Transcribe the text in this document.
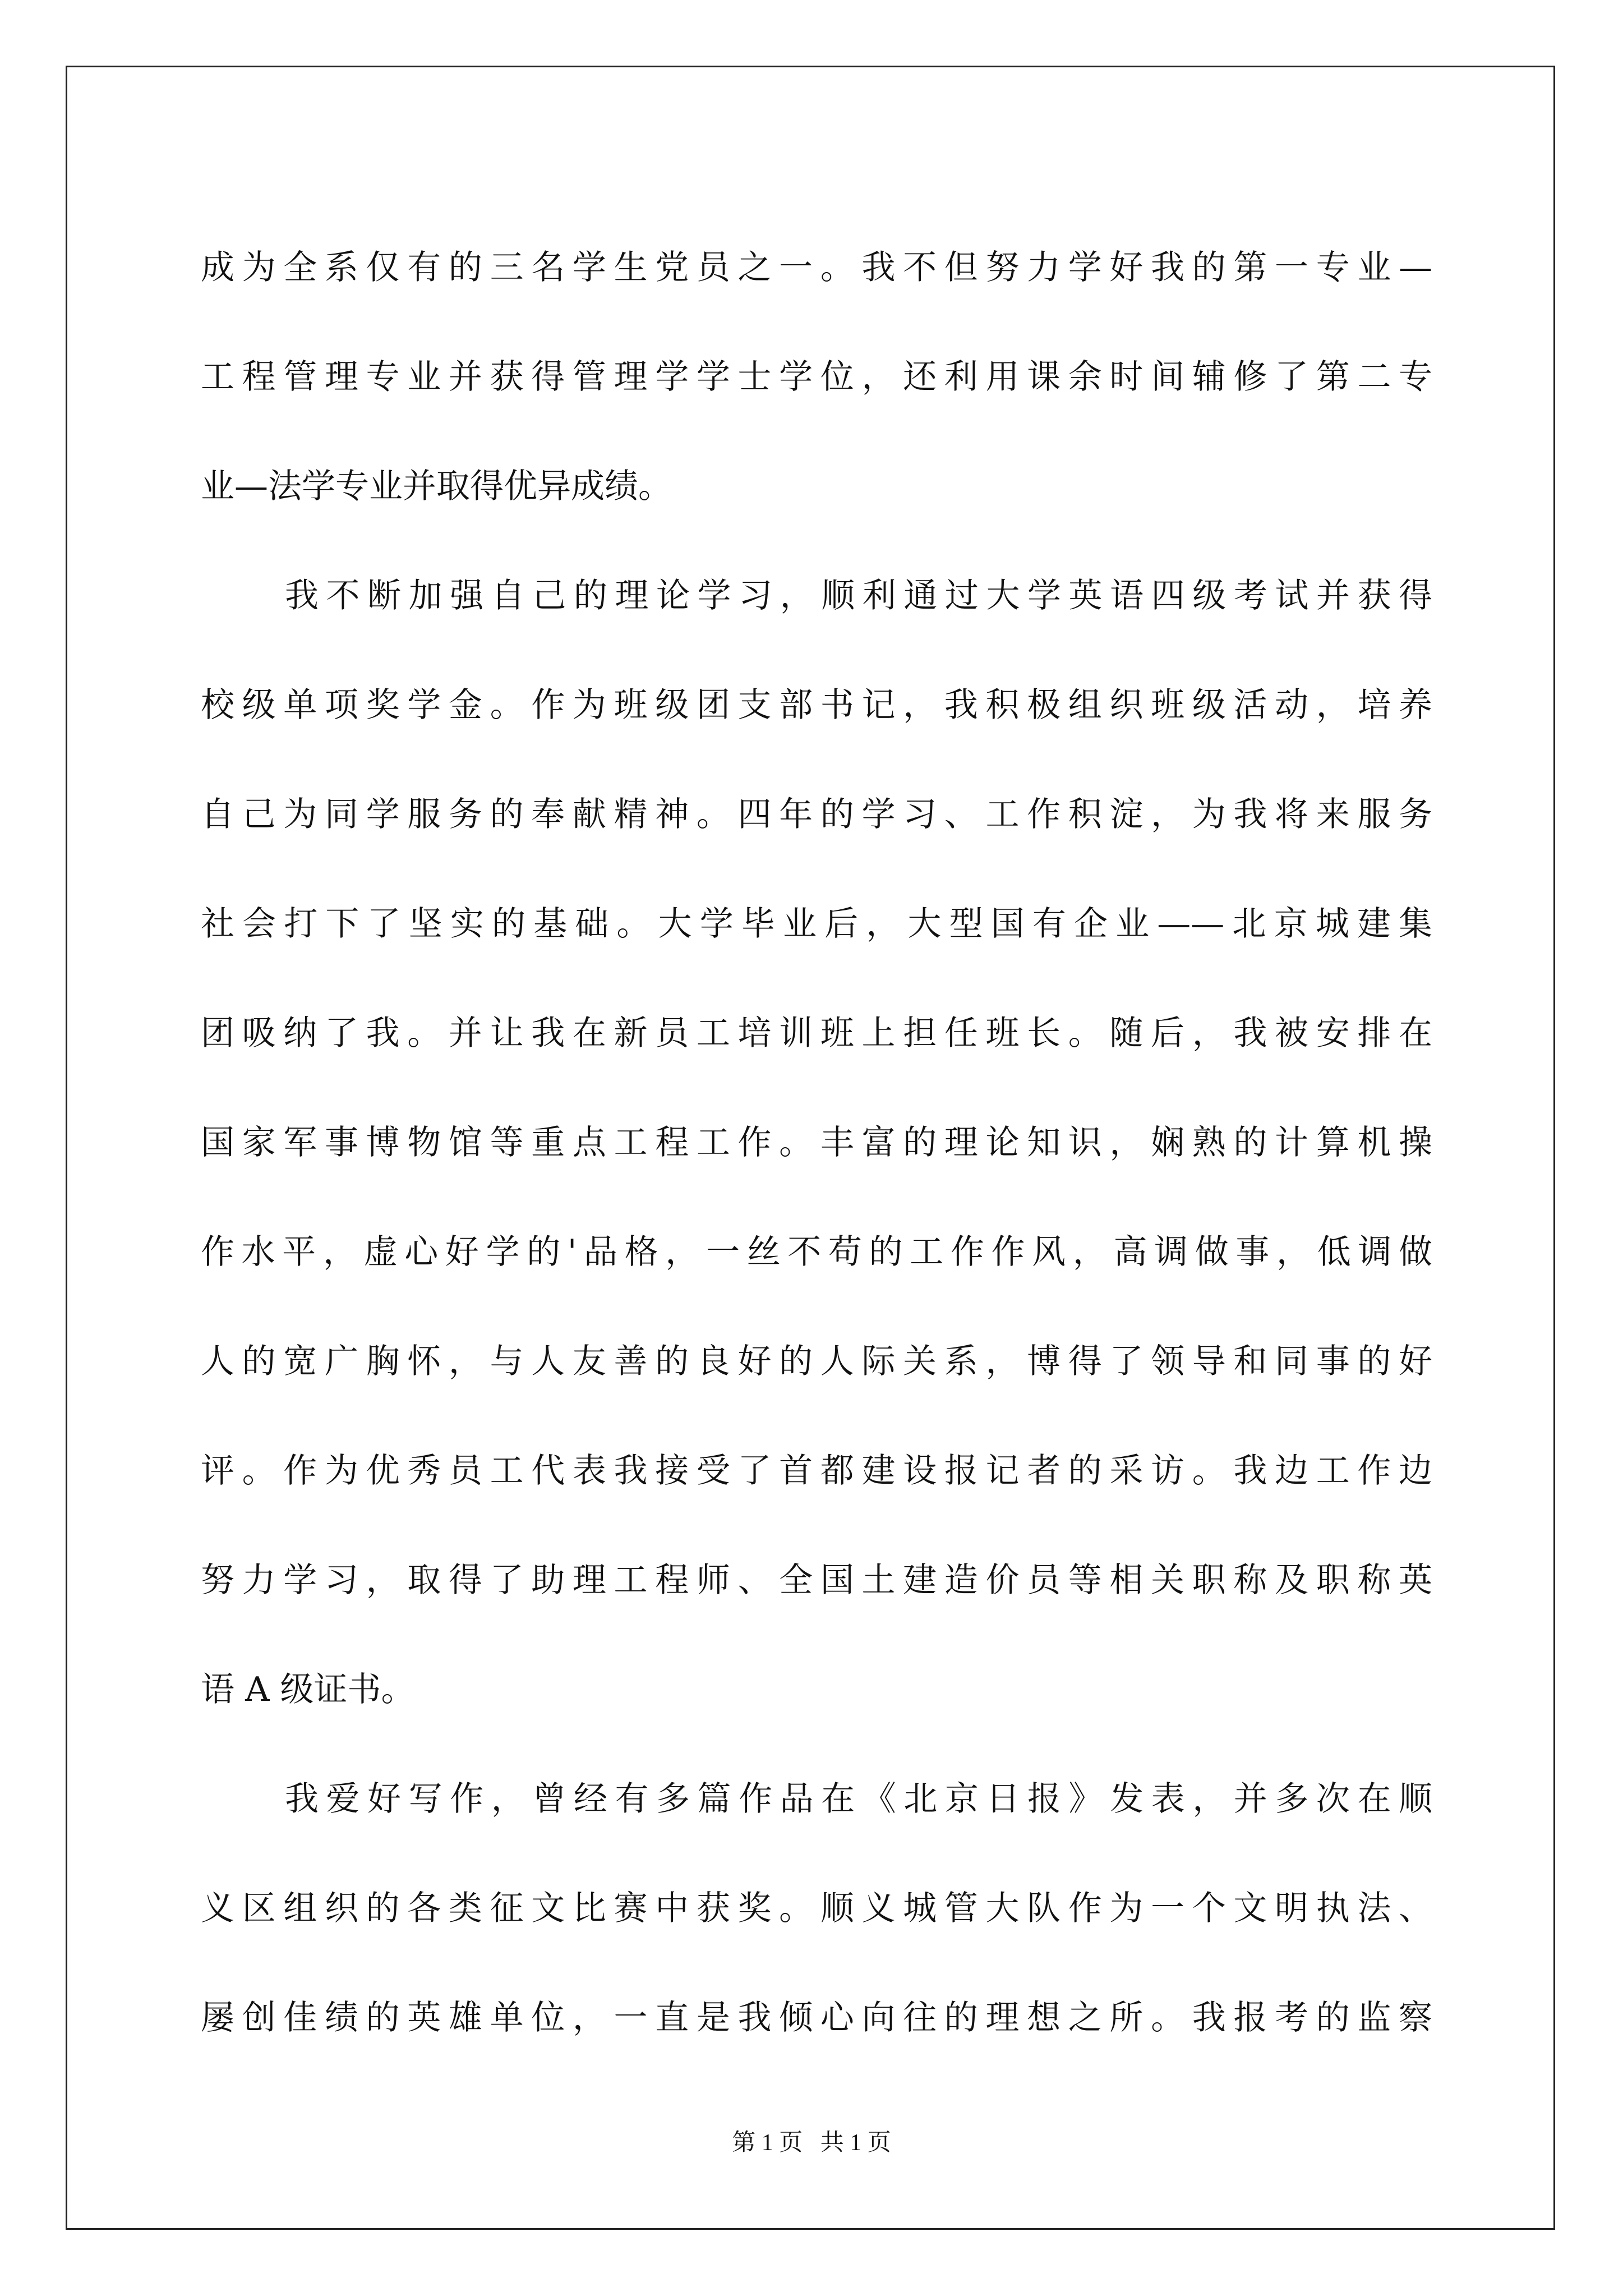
成为全系仅有的三名学生党员之一。我不但努力学好我的第一专业—
工程管理专业并获得管理学学士学位，还利用课余时间辅修了第二专
业—法学专业并取得优异成绩。
我不断加强自己的理论学习，顺利通过大学英语四级考试并获得
校级单项奖学金。作为班级团支部书记，我积极组织班级活动，培养
自己为同学服务的奉献精神。四年的学习、工作积淀，为我将来服务
社会打下了坚实的基础。大学毕业后，大型国有企业——北京城建集
团吸纳了我。并让我在新员工培训班上担任班长。随后，我被安排在
国家军事博物馆等重点工程工作。丰富的理论知识，娴熟的计算机操
作水平，虚心好学的'品格，一丝不苟的工作作风，高调做事，低调做
人的宽广胸怀，与人友善的良好的人际关系，博得了领导和同事的好
评。作为优秀员工代表我接受了首都建设报记者的采访。我边工作边
努力学习，取得了助理工程师、全国土建造价员等相关职称及职称英
语 A 级证书。
我爱好写作，曾经有多篇作品在《北京日报》发表，并多次在顺
义区组织的各类征文比赛中获奖。顺义城管大队作为一个文明执法、
屡创佳绩的英雄单位，一直是我倾心向往的理想之所。我报考的监察
第 1 页   共 1 页
